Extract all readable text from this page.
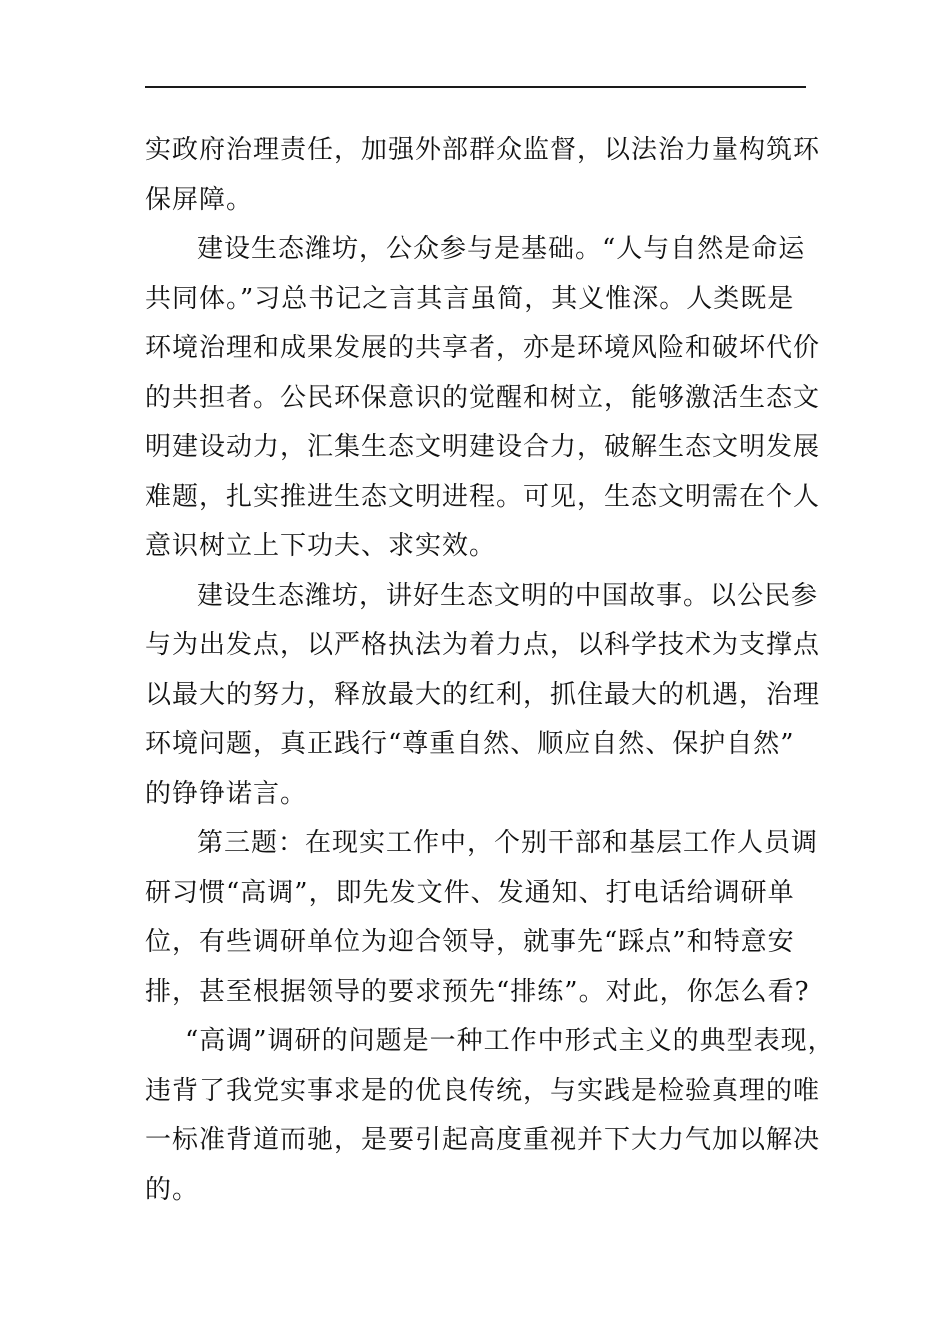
实政府治理责任，加强外部群众监督，以法治力量构筑环
保屏障。
建设生态潍坊，公众参与是基础。“人与自然是命运
共同体。”习总书记之言其言虽简，其义惟深。人类既是
环境治理和成果发展的共享者，亦是环境风险和破坏代价
的共担者。公民环保意识的觉醒和树立，能够激活生态文
明建设动力，汇集生态文明建设合力，破解生态文明发展
难题，扎实推进生态文明进程。可见，生态文明需在个人
意识树立上下功夫、求实效。
建设生态潍坊，讲好生态文明的中国故事。以公民参
与为出发点，以严格执法为着力点，以科学技术为支撑点
以最大的努力，释放最大的红利，抓住最大的机遇，治理
环境问题，真正践行“尊重自然、顺应自然、保护自然”
的铮铮诺言。
第三题：在现实工作中，个别干部和基层工作人员调
研习惯“高调”，即先发文件、发通知、打电话给调研单
位，有些调研单位为迎合领导，就事先“踩点”和特意安
排，甚至根据领导的要求预先“排练”。对此，你怎么看?
“高调”调研的问题是一种工作中形式主义的典型表现，
违背了我党实事求是的优良传统，与实践是检验真理的唯
一标准背道而驰，是要引起高度重视并下大力气加以解决
的。
